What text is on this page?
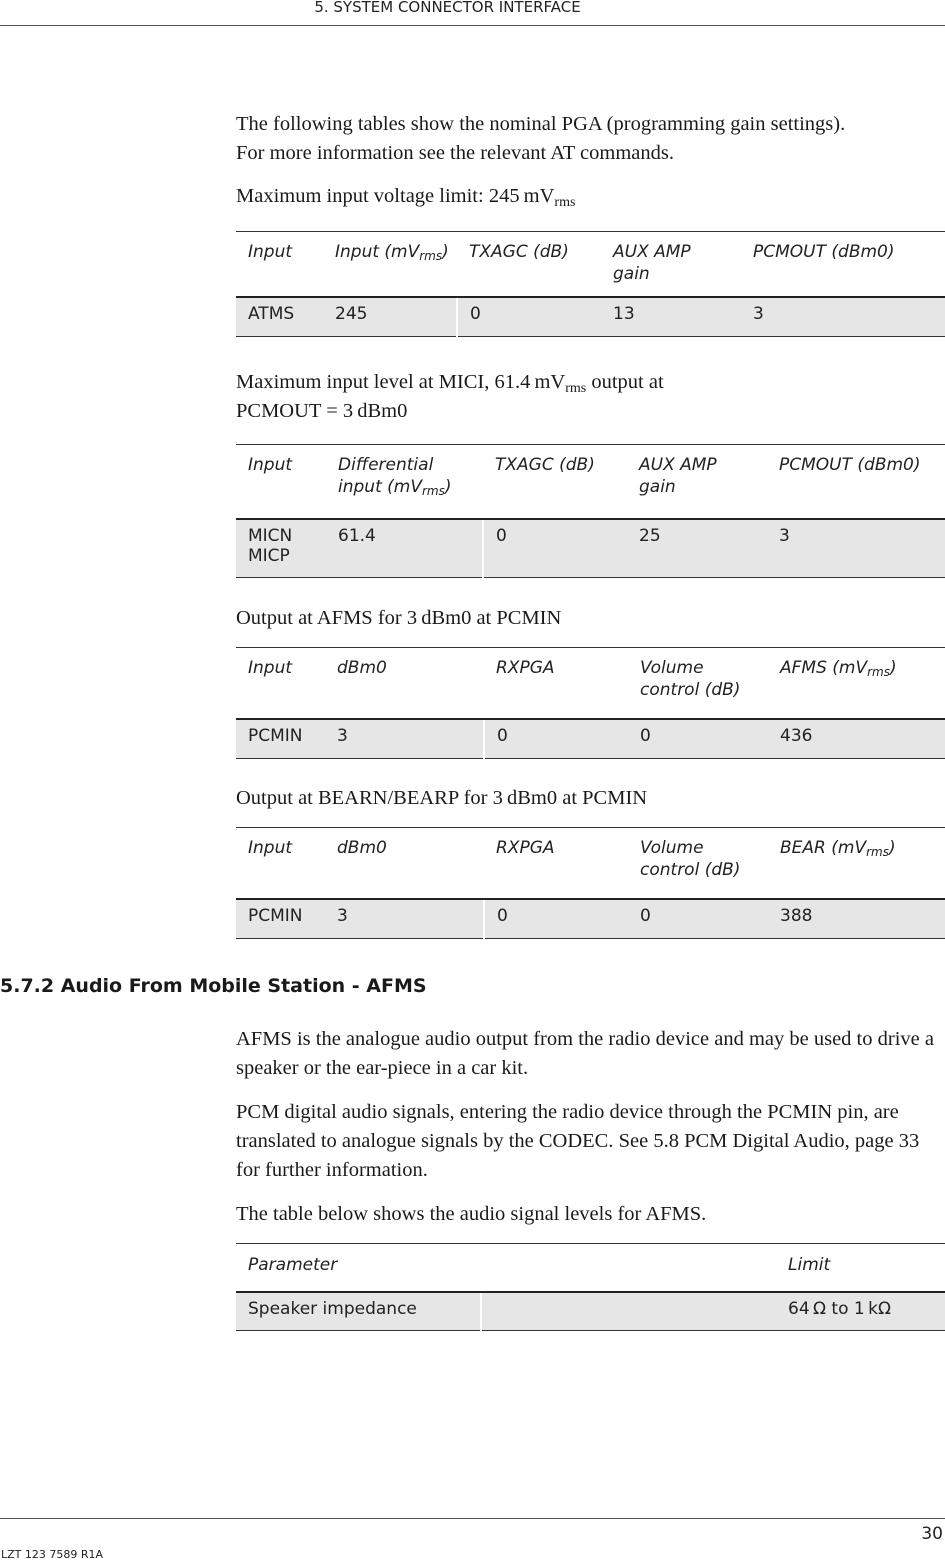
5. SYSTEM CONNECTOR INTERFACE
The following tables show the nominal PGA (programming gain settings).
For more information see the relevant AT commands.
Maximum input voltage limit: 245 $mV_{rms}$
Input	Input $(mV_{rms})$	TXAGC (dB)	AUX AMP
gain	PCMOUT (dBm0)
ATMS	245	0	13	3
Maximum input level at MICI, 61.4 $mV_{rms}$ output at
PCMOUT = 3 dBm0
Input	Differential
input $(mV_{rms})$	TXAGC (dB)	AUX AMP
gain	PCMOUT (dBm0)
MICN
MICP	61.4	0	25	3
Output at AFMS for 3 dBm0 at PCMIN
Input	dBm0	RXPGA	Volume
control (dB)	AFMS $(mV_{rms})$
PCMIN	3	0	0	436
Output at BEARN/BEARP for 3 dBm0 at PCMIN
Input	dBm0	RXPGA	Volume
control (dB)	BEAR $(mV_{rms})$
PCMIN	3	0	0	388
5.7.2 Audio From Mobile Station - AFMS
AFMS is the analogue audio output from the radio device and may be used to drive a speaker or the ear-piece in a car kit.
PCM digital audio signals, entering the radio device through the PCMIN pin, are translated to analogue signals by the CODEC. See 5.8 PCM Digital Audio, page 33 for further information.
The table below shows the audio signal levels for AFMS.
Parameter		Limit
Speaker impedance		64 Ω to 1 kΩ
30
LZT 123 7589 R1A
